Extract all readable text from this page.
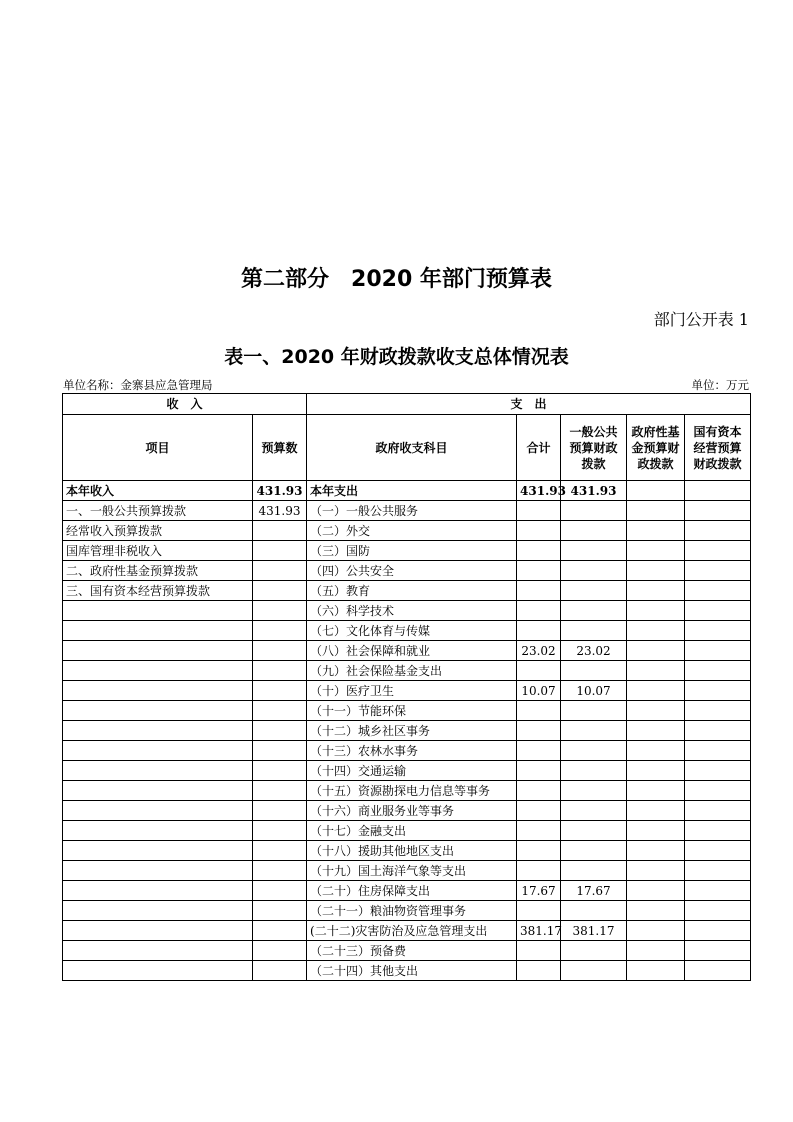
第二部分　2020 年部门预算表
部门公开表 1
表一、2020 年财政拨款收支总体情况表
单位名称：金寨县应急管理局	单位：万元
收　入		支　出				
项目	预算数	政府收支科目	合计	一般公共预算财政拨款	政府性基金预算财政拨款	国有资本经营预算财政拨款
本年收入	431.93	本年支出	431.93	431.93		
一、一般公共预算拨款	431.93	（一）一般公共服务				
经常收入预算拨款		（二）外交				
国库管理非税收入		（三）国防				
二、政府性基金预算拨款		（四）公共安全				
三、国有资本经营预算拨款		（五）教育				
		（六）科学技术				
		（七）文化体育与传媒				
		（八）社会保障和就业	23.02	23.02		
		（九）社会保险基金支出				
		（十）医疗卫生	10.07	10.07		
		（十一）节能环保				
		（十二）城乡社区事务				
		（十三）农林水事务				
		（十四）交通运输				
		（十五）资源勘探电力信息等事务				
		（十六）商业服务业等事务				
		（十七）金融支出				
		（十八）援助其他地区支出				
		（十九）国土海洋气象等支出				
		（二十）住房保障支出	17.67	17.67		
		（二十一）粮油物资管理事务				
		(二十二)灾害防治及应急管理支出	381.17	381.17		
		（二十三）预备费				
		（二十四）其他支出				
